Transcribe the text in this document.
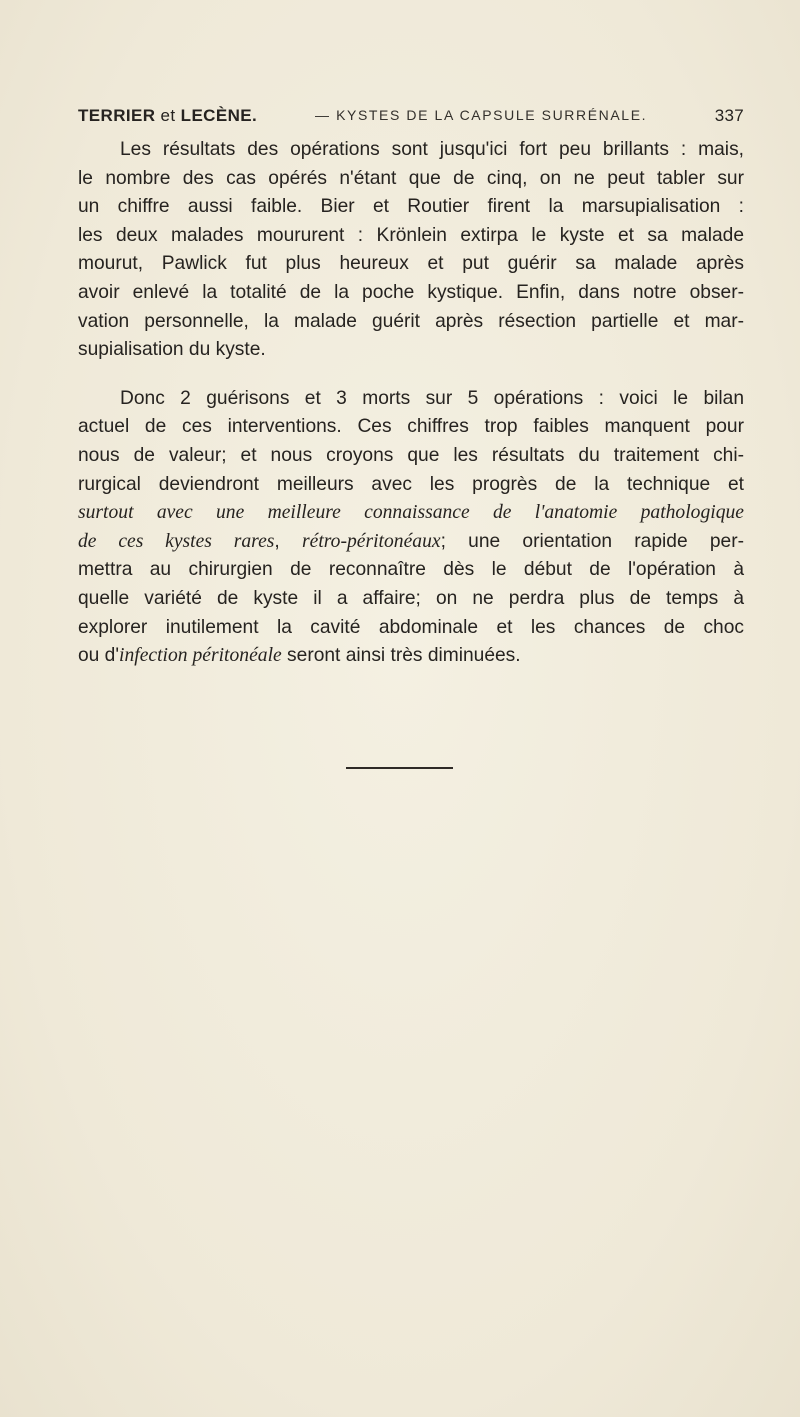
TERRIER et LECÈNE.	— KYSTES DE LA CAPSULE SURRÉNALE.	337
Les résultats des opérations sont jusqu'ici fort peu brillants : mais,
le nombre des cas opérés n'étant que de cinq, on ne peut tabler sur
un chiffre aussi faible. Bier et Routier firent la marsupialisation :
les deux malades moururent : Krönlein extirpa le kyste et sa malade
mourut, Pawlick fut plus heureux et put guérir sa malade après
avoir enlevé la totalité de la poche kystique. Enfin, dans notre obser-
vation personnelle, la malade guérit après résection partielle et mar-
supialisation du kyste.
Donc 2 guérisons et 3 morts sur 5 opérations : voici le bilan
actuel de ces interventions. Ces chiffres trop faibles manquent pour
nous de valeur; et nous croyons que les résultats du traitement chi-
rurgical deviendront meilleurs avec les progrès de la technique et
surtout avec une meilleure connaissance de l'anatomie pathologique
de ces kystes rares, rétro-péritonéaux; une orientation rapide per-
mettra au chirurgien de reconnaître dès le début de l'opération à
quelle variété de kyste il a affaire; on ne perdra plus de temps à
explorer inutilement la cavité abdominale et les chances de choc
ou d'infection péritonéale seront ainsi très diminuées.
